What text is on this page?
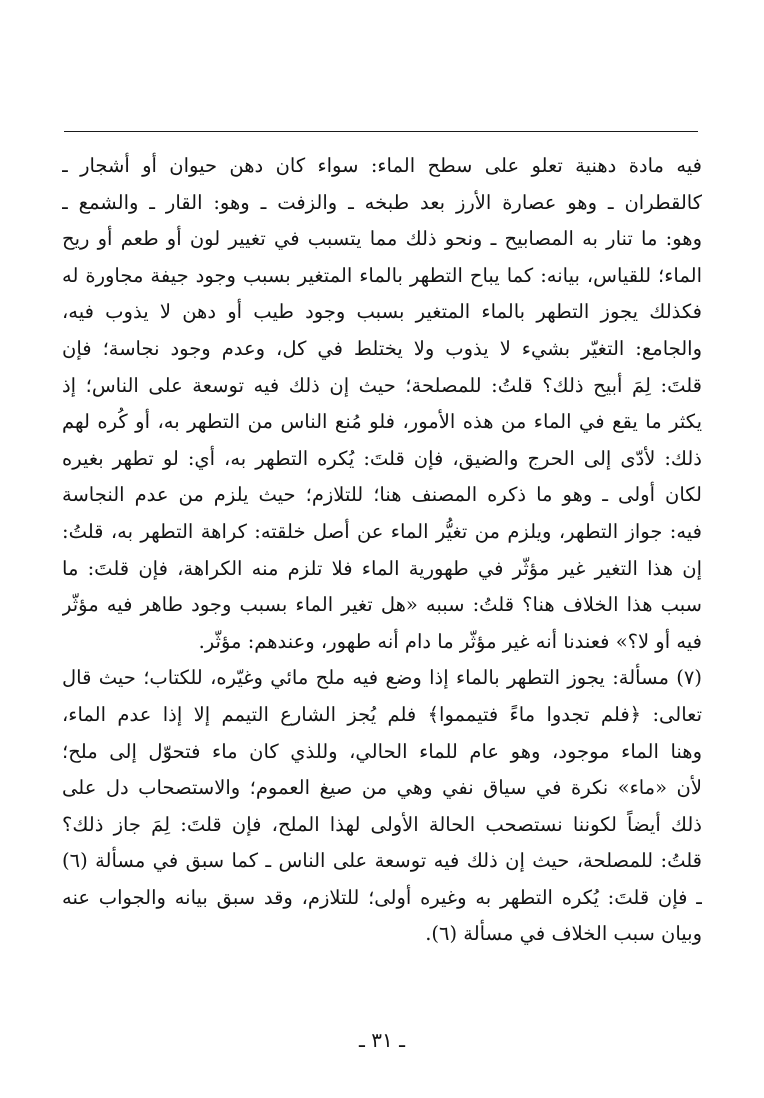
فيه مادة دهنية تعلو على سطح الماء: سواء كان دهن حيوان أو أشجار ـ
كالقطران ـ وهو عصارة الأرز بعد طبخه ـ والزفت ـ وهو: القار ـ والشمع ـ
وهو: ما تنار به المصابيح ـ ونحو ذلك مما يتسبب في تغيير لون أو طعم أو ريح
الماء؛ للقياس، بيانه: كما يباح التطهر بالماء المتغير بسبب وجود جيفة مجاورة له
فكذلك يجوز التطهر بالماء المتغير بسبب وجود طيب أو دهن لا يذوب فيه،
والجامع: التغيّر بشيء لا يذوب ولا يختلط في كل، وعدم وجود نجاسة؛ فإن
قلتَ: لِمَ أبيح ذلك؟ قلتُ: للمصلحة؛ حيث إن ذلك فيه توسعة على الناس؛ إذ
يكثر ما يقع في الماء من هذه الأمور، فلو مُنع الناس من التطهر به، أو كُره لهم
ذلك: لأدّى إلى الحرج والضيق، فإن قلتَ: يُكره التطهر به، أي: لو تطهر بغيره
لكان أولى ـ وهو ما ذكره المصنف هنا؛ للتلازم؛ حيث يلزم من عدم النجاسة
فيه: جواز التطهر، ويلزم من تغيُّر الماء عن أصل خلقته: كراهة التطهر به، قلتُ:
إن هذا التغير غير مؤثّر في طهورية الماء فلا تلزم منه الكراهة، فإن قلتَ: ما
سبب هذا الخلاف هنا؟ قلتُ: سببه «هل تغير الماء بسبب وجود طاهر فيه مؤثّر
فيه أو لا؟» فعندنا أنه غير مؤثّر ما دام أنه طهور، وعندهم: مؤثّر.
(٧) مسألة: يجوز التطهر بالماء إذا وضع فيه ملح مائي وغيّره، للكتاب؛ حيث قال
تعالى: ﴿فلم تجدوا ماءً فتيمموا﴾ فلم يُجز الشارع التيمم إلا إذا عدم الماء،
وهنا الماء موجود، وهو عام للماء الحالي، وللذي كان ماء فتحوّل إلى ملح؛
لأن «ماء» نكرة في سياق نفي وهي من صيغ العموم؛ والاستصحاب دل على
ذلك أيضاً لكوننا نستصحب الحالة الأولى لهذا الملح، فإن قلتَ: لِمَ جاز ذلك؟
قلتُ: للمصلحة، حيث إن ذلك فيه توسعة على الناس ـ كما سبق في مسألة (٦)
ـ فإن قلتَ: يُكره التطهر به وغيره أولى؛ للتلازم، وقد سبق بيانه والجواب عنه
وبيان سبب الخلاف في مسألة (٦).
ـ ٣١ ـ
